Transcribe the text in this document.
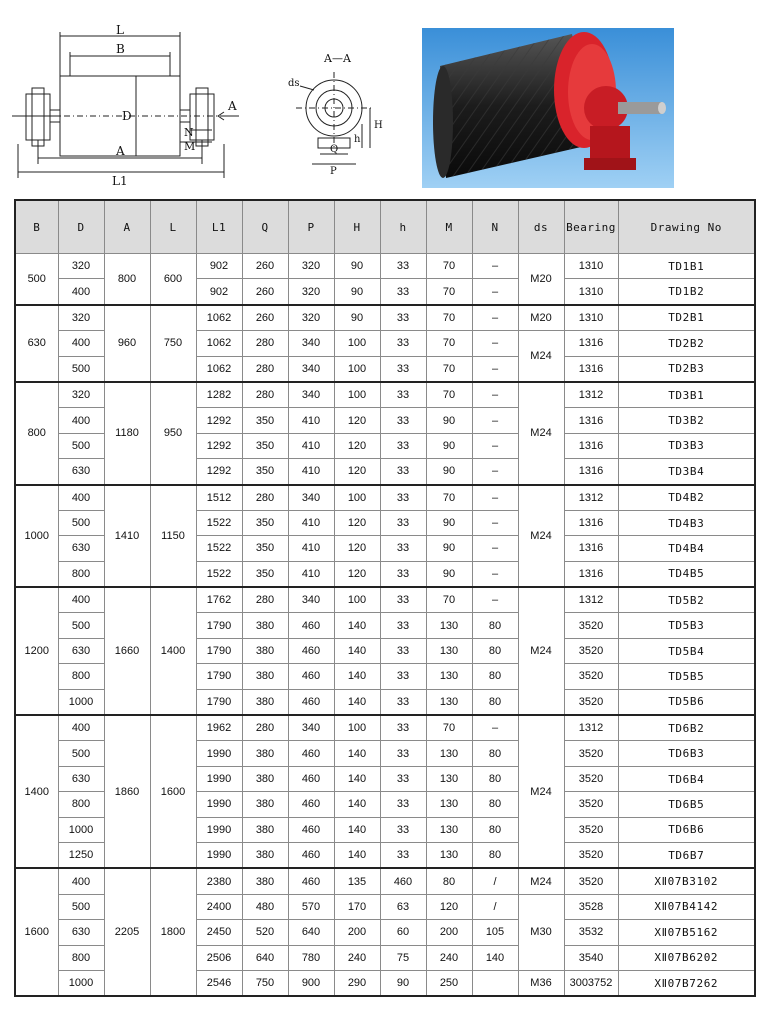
L
B
D
A
L1
M
N
A
A—A
ds
Q
P
H
h
B	D	A	L	L1	Q	P	H	h	M	N	ds	Bearing	Drawing No
500	320	800	600	902	260	320	90	33	70	–	M20	1310	TD1B1
	400			902	260	320	90	33	70	–		1310	TD1B2
630	320	960	750	1062	260	320	90	33	70	–	M20	1310	TD2B1
	400			1062	280	340	100	33	70	–	M24	1316	TD2B2
	500			1062	280	340	100	33	70	–		1316	TD2B3
800	320	1180	950	1282	280	340	100	33	70	–	M24	1312	TD3B1
	400			1292	350	410	120	33	90	–		1316	TD3B2
	500			1292	350	410	120	33	90	–		1316	TD3B3
	630			1292	350	410	120	33	90	–		1316	TD3B4
1000	400	1410	1150	1512	280	340	100	33	70	–	M24	1312	TD4B2
	500			1522	350	410	120	33	90	–		1316	TD4B3
	630			1522	350	410	120	33	90	–		1316	TD4B4
	800			1522	350	410	120	33	90	–		1316	TD4B5
1200	400	1660	1400	1762	280	340	100	33	70	–	M24	1312	TD5B2
	500			1790	380	460	140	33	130	80		3520	TD5B3
	630			1790	380	460	140	33	130	80		3520	TD5B4
	800			1790	380	460	140	33	130	80		3520	TD5B5
	1000			1790	380	460	140	33	130	80		3520	TD5B6
1400	400	1860	1600	1962	280	340	100	33	70	–	M24	1312	TD6B2
	500			1990	380	460	140	33	130	80		3520	TD6B3
	630			1990	380	460	140	33	130	80		3520	TD6B4
	800			1990	380	460	140	33	130	80		3520	TD6B5
	1000			1990	380	460	140	33	130	80		3520	TD6B6
	1250			1990	380	460	140	33	130	80		3520	TD6B7
1600	400	2205	1800	2380	380	460	135	460	80	/	M24	3520	XⅡ07B3102
	500			2400	480	570	170	63	120	/	M30	3528	XⅡ07B4142
	630			2450	520	640	200	60	200	105		3532	XⅡ07B5162
	800			2506	640	780	240	75	240	140		3540	XⅡ07B6202
	1000			2546	750	900	290	90	250		M36	3003752	XⅡ07B7262
